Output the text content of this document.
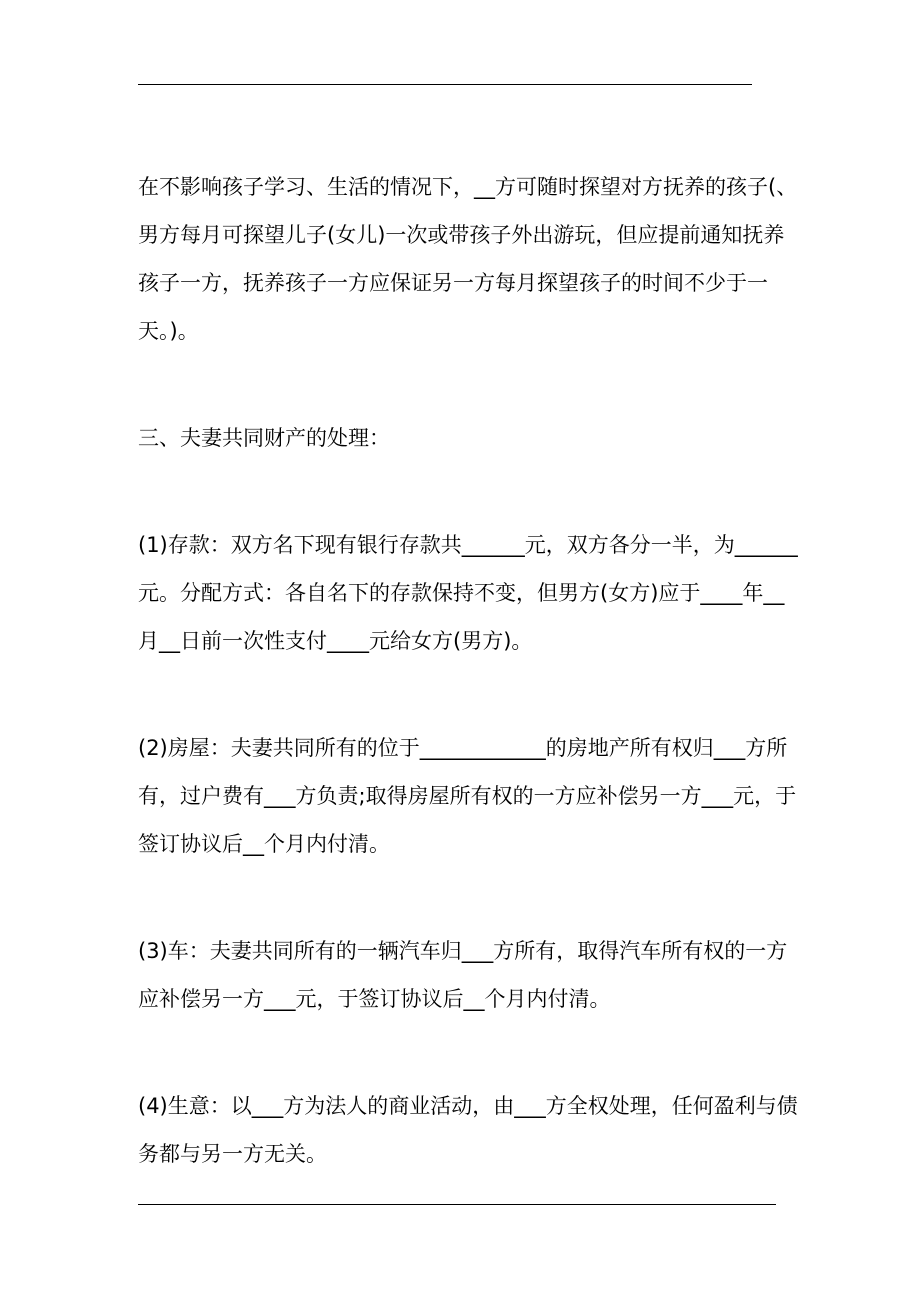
在不影响孩子学习、生活的情况下，__方可随时探望对方抚养的孩子(、
男方每月可探望儿子(女儿)一次或带孩子外出游玩，但应提前通知抚养
孩子一方，抚养孩子一方应保证另一方每月探望孩子的时间不少于一
天。)。
三、夫妻共同财产的处理：
(1)存款：双方名下现有银行存款共______元，双方各分一半，为______
元。分配方式：各自名下的存款保持不变，但男方(女方)应于____年__
月__日前一次性支付____元给女方(男方)。
(2)房屋：夫妻共同所有的位于____________的房地产所有权归___方所
有，过户费有___方负责;取得房屋所有权的一方应补偿另一方___元，于
签订协议后__个月内付清。
(3)车：夫妻共同所有的一辆汽车归___方所有，取得汽车所有权的一方
应补偿另一方___元，于签订协议后__个月内付清。
(4)生意：以___方为法人的商业活动，由___方全权处理，任何盈利与债
务都与另一方无关。
